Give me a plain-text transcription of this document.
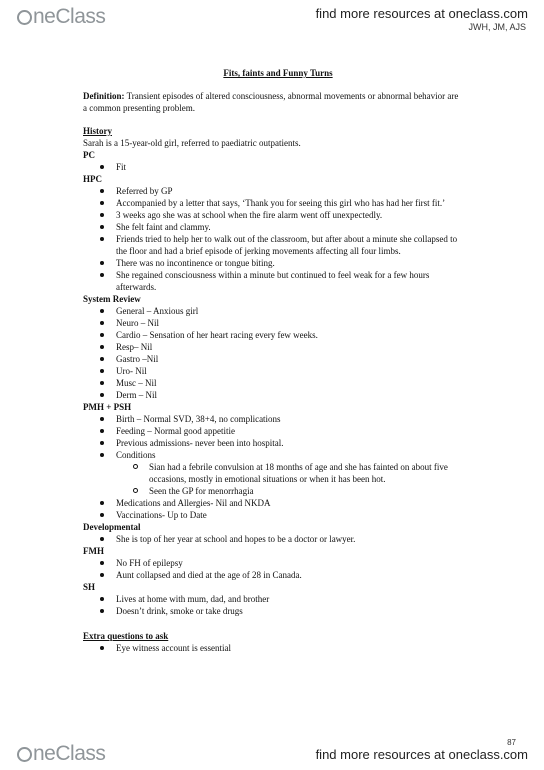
neClass	find more resources at oneclass.com
JWH, JM, AJS
Fits, faints and Funny Turns
Definition: Transient episodes of altered consciousness, abnormal movements or abnormal behavior are a common presenting problem.
History
Sarah is a 15-year-old girl, referred to paediatric outpatients.
PC
Fit
HPC
Referred by GP
Accompanied by a letter that says, ‘Thank you for seeing this girl who has had her first fit.’
3 weeks ago she was at school when the fire alarm went off unexpectedly.
She felt faint and clammy.
Friends tried to help her to walk out of the classroom, but after about a minute she collapsed to the floor and had a brief episode of jerking movements affecting all four limbs.
There was no incontinence or tongue biting.
She regained consciousness within a minute but continued to feel weak for a few hours afterwards.
System Review
General – Anxious girl
Neuro – Nil
Cardio – Sensation of her heart racing every few weeks.
Resp– Nil
Gastro –Nil
Uro- Nil
Musc – Nil
Derm – Nil
PMH + PSH
Birth – Normal SVD, 38+4, no complications
Feeding – Normal good appetitie
Previous admissions- never been into hospital.
Conditions
Sian had a febrile convulsion at 18 months of age and she has fainted on about five occasions, mostly in emotional situations or when it has been hot.
Seen the GP for menorrhagia
Medications and Allergies- Nil and NKDA
Vaccinations- Up to Date
Developmental
She is top of her year at school and hopes to be a doctor or lawyer.
FMH
No FH of epilepsy
Aunt collapsed and died at the age of 28 in Canada.
SH
Lives at home with mum, dad, and brother
Doesn’t drink, smoke or take drugs
Extra questions to ask
Eye witness account is essential
87
neClass	find more resources at oneclass.com
